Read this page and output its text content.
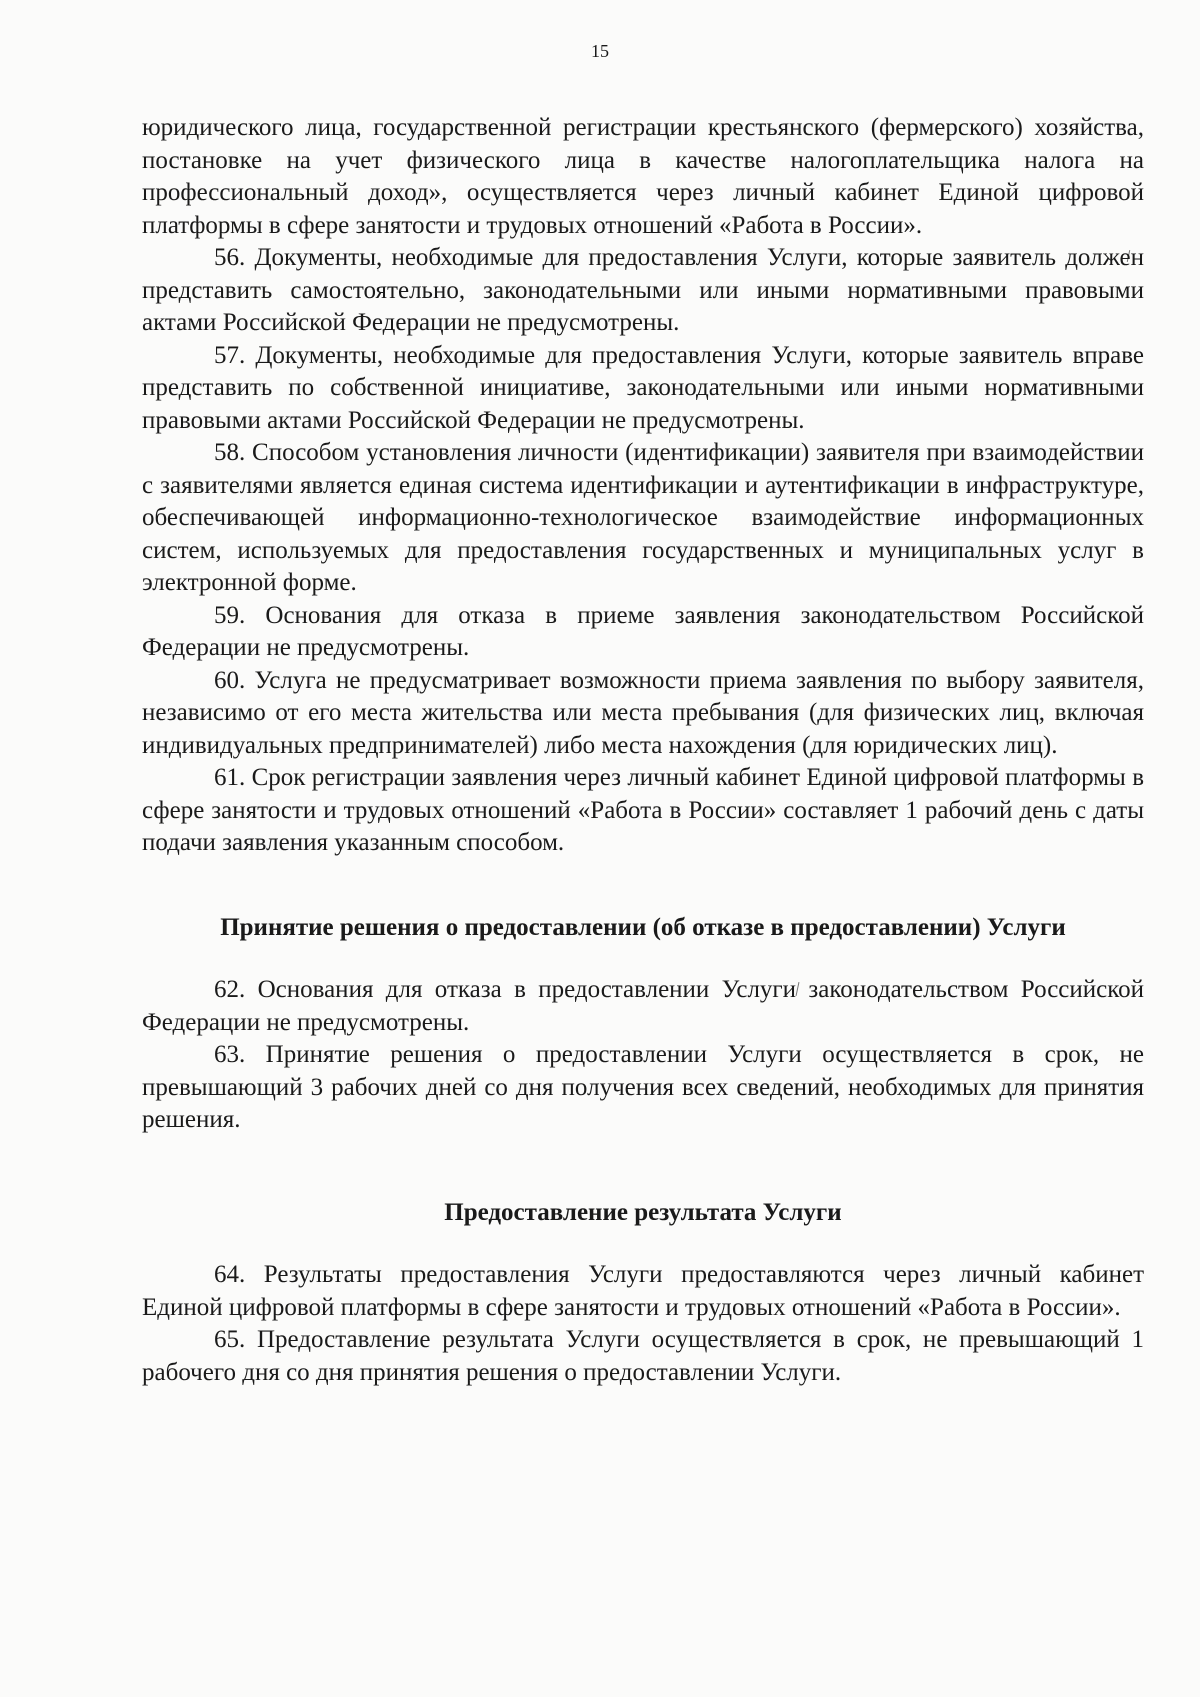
15

юридического лица, государственной регистрации крестьянского (фермерского) хозяйства, постановке на учет физического лица в качестве налогоплательщика налога на профессиональный доход», осуществляется через личный кабинет Единой цифровой платформы в сфере занятости и трудовых отношений «Работа в России».

56. Документы, необходимые для предоставления Услуги, которые заявитель должен представить самостоятельно, законодательными или иными нормативными правовыми актами Российской Федерации не предусмотрены.

57. Документы, необходимые для предоставления Услуги, которые заявитель вправе представить по собственной инициативе, законодательными или иными нормативными правовыми актами Российской Федерации не предусмотрены.

58. Способом установления личности (идентификации) заявителя при взаимодействии с заявителями является единая система идентификации и аутентификации в инфраструктуре, обеспечивающей информационно-технологическое взаимодействие информационных систем, используемых для предоставления государственных и муниципальных услуг в электронной форме.

59. Основания для отказа в приеме заявления законодательством Российской Федерации не предусмотрены.

60. Услуга не предусматривает возможности приема заявления по выбору заявителя, независимо от его места жительства или места пребывания (для физических лиц, включая индивидуальных предпринимателей) либо места нахождения (для юридических лиц).

61. Срок регистрации заявления через личный кабинет Единой цифровой платформы в сфере занятости и трудовых отношений «Работа в России» составляет 1 рабочий день с даты подачи заявления указанным способом.

Принятие решения о предоставлении (об отказе в предоставлении) Услуги

62. Основания для отказа в предоставлении Услуги законодательством Российской Федерации не предусмотрены.

63. Принятие решения о предоставлении Услуги осуществляется в срок, не превышающий 3 рабочих дней со дня получения всех сведений, необходимых для принятия решения.

Предоставление результата Услуги

64. Результаты предоставления Услуги предоставляются через личный кабинет Единой цифровой платформы в сфере занятости и трудовых отношений «Работа в России».

65. Предоставление результата Услуги осуществляется в срок, не превышающий 1 рабочего дня со дня принятия решения о предоставлении Услуги.
